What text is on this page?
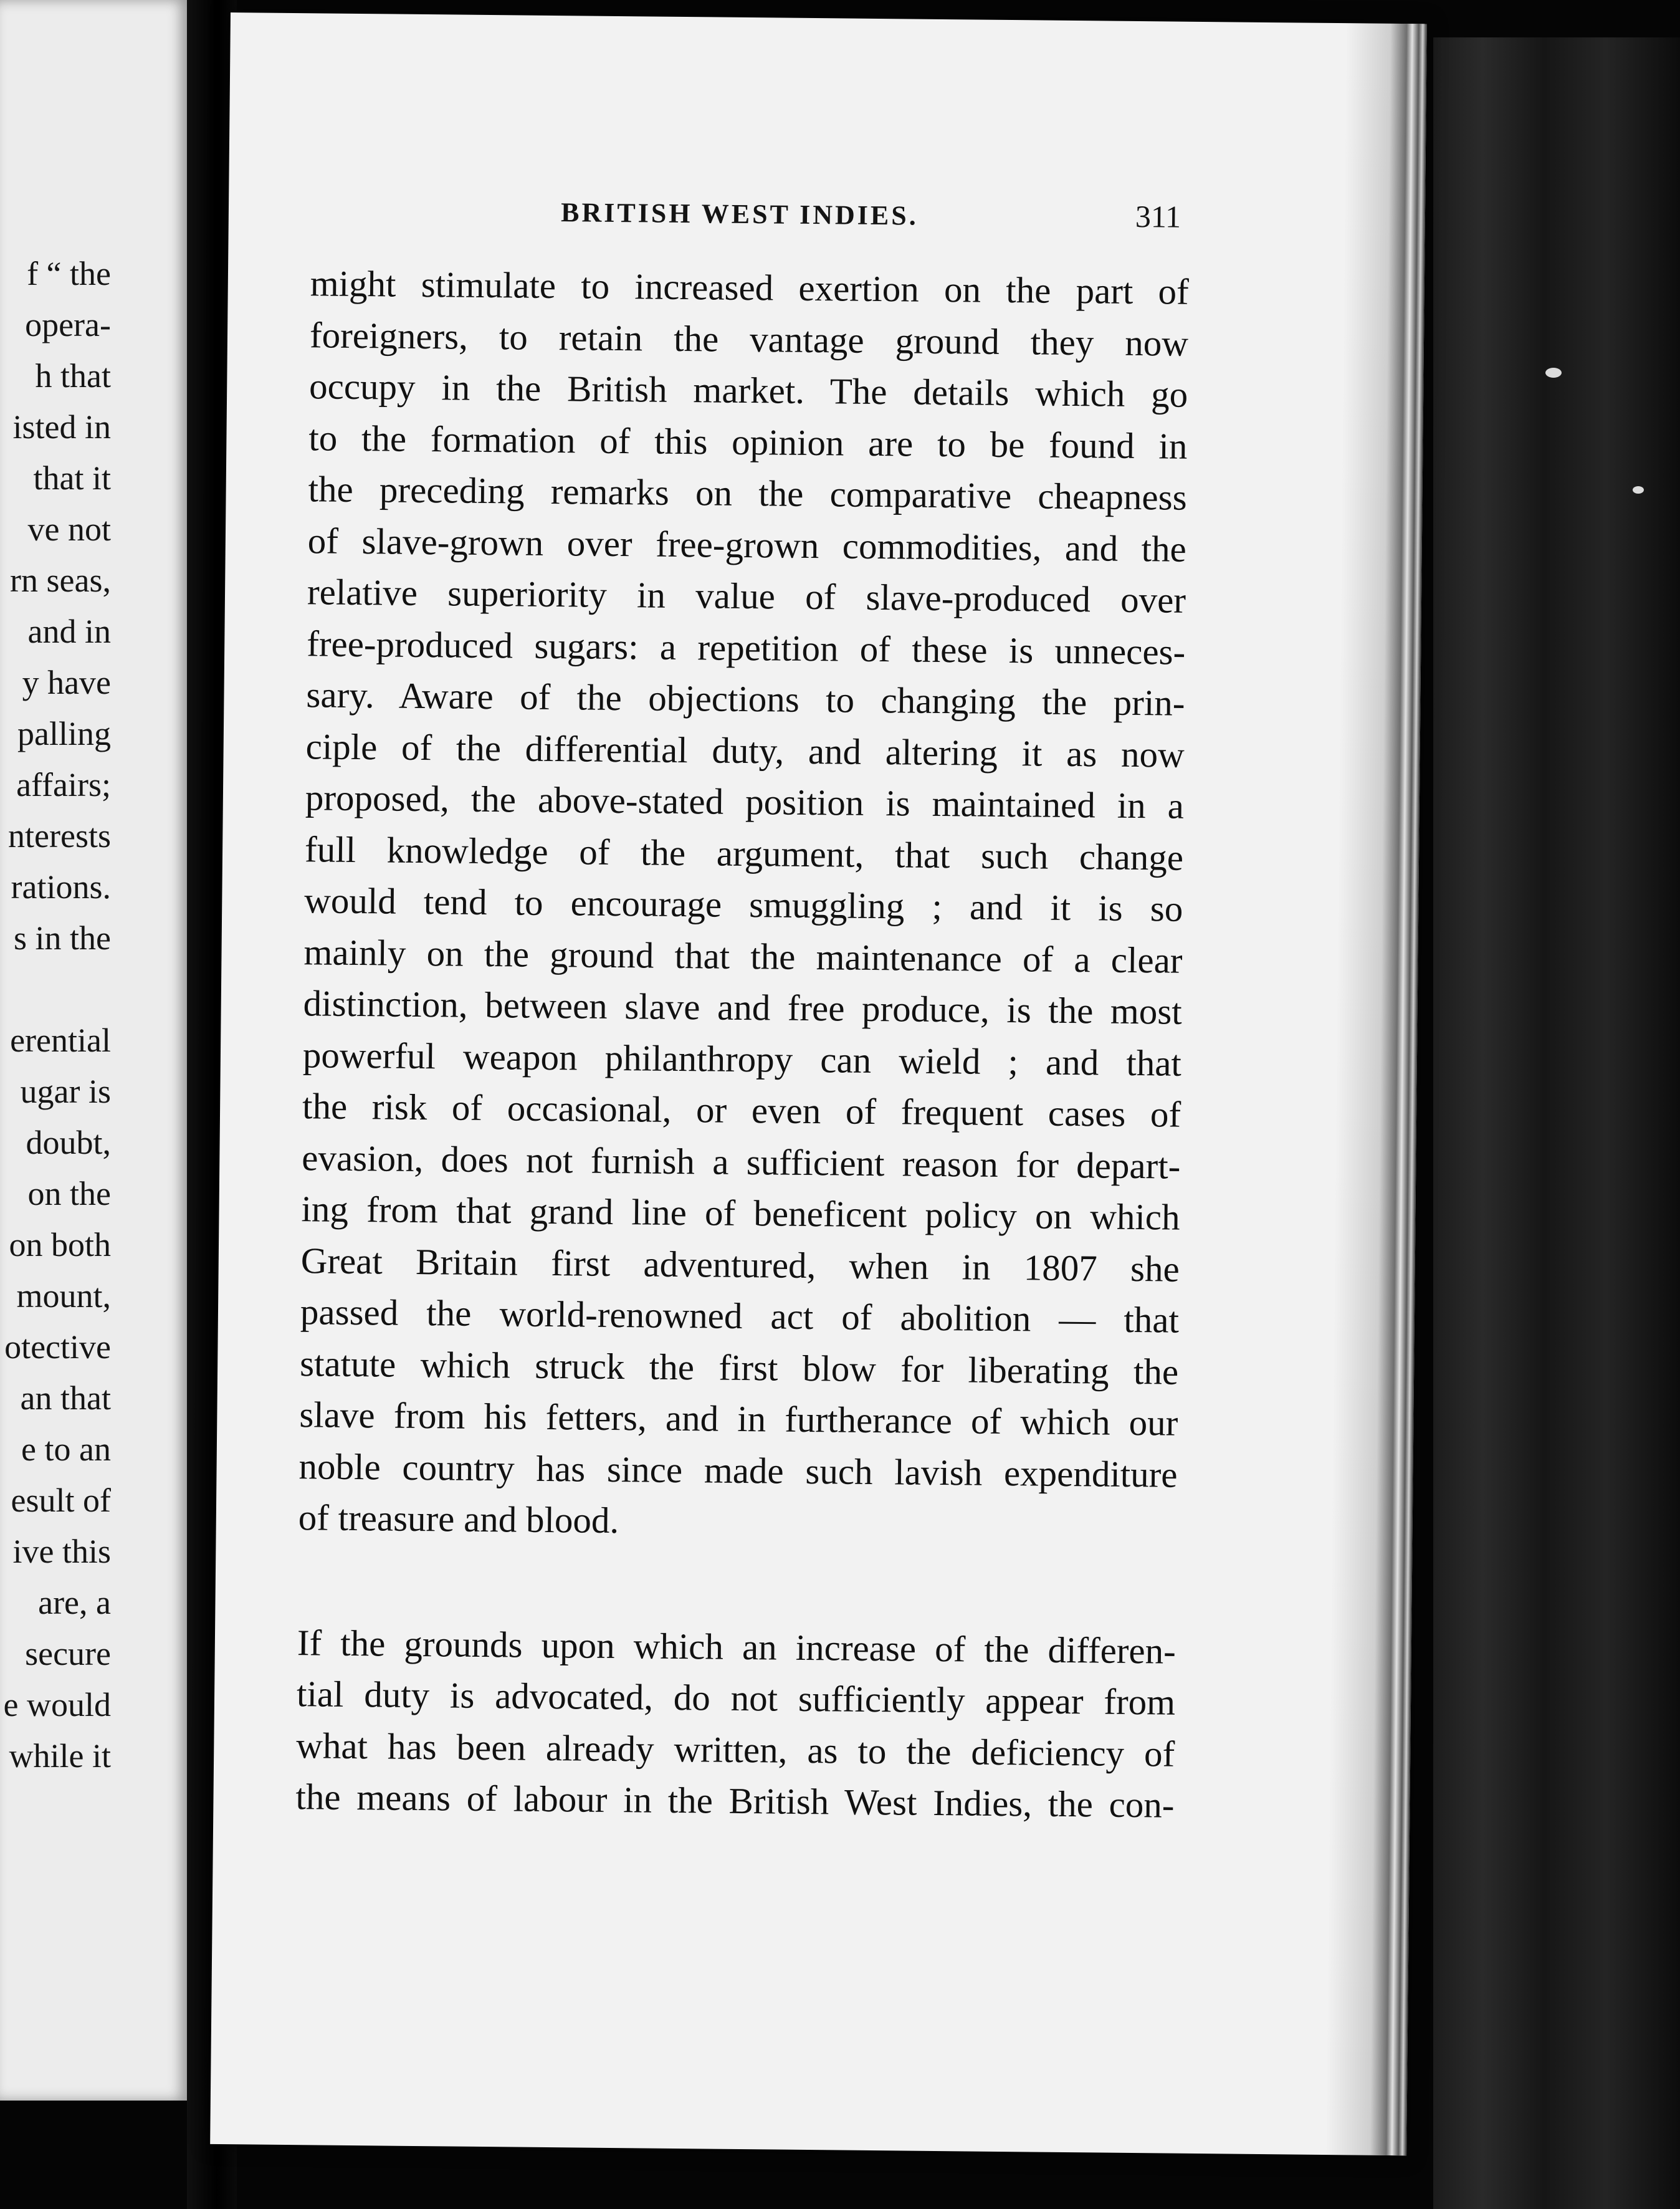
f “ the
opera-
h that
isted in
that it
ve not
rn seas,
and in
y have
palling
affairs;
nterests
rations.
s in the
erential
ugar is
doubt,
on the
on both
mount,
otective
an that
e to an
esult of
ive this
are, a
secure
e would
while it
BRITISH WEST INDIES.	311
might stimulate to increased exertion on the part of
foreigners, to retain the vantage ground they now
occupy in the British market. The details which go
to the formation of this opinion are to be found in
the preceding remarks on the comparative cheapness
of slave-grown over free-grown commodities, and the
relative superiority in value of slave-produced over
free-produced sugars: a repetition of these is unneces-
sary. Aware of the objections to changing the prin-
ciple of the differential duty, and altering it as now
proposed, the above-stated position is maintained in a
full knowledge of the argument, that such change
would tend to encourage smuggling ; and it is so
mainly on the ground that the maintenance of a clear
distinction, between slave and free produce, is the most
powerful weapon philanthropy can wield ; and that
the risk of occasional, or even of frequent cases of
evasion, does not furnish a sufficient reason for depart-
ing from that grand line of beneficent policy on which
Great Britain first adventured, when in 1807 she
passed the world-renowned act of abolition — that
statute which struck the first blow for liberating the
slave from his fetters, and in furtherance of which our
noble country has since made such lavish expenditure
of treasure and blood.
If the grounds upon which an increase of the differen-
tial duty is advocated, do not sufficiently appear from
what has been already written, as to the deficiency of
the means of labour in the British West Indies, the con-
